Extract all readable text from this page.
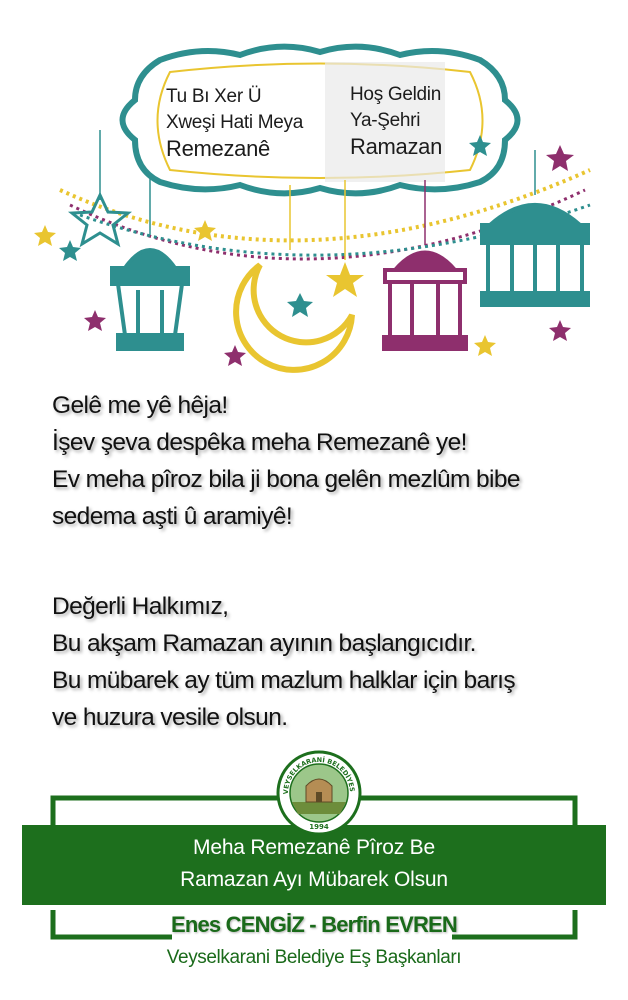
Tu Bı Xer Ü
Xweşi Hati Meya
Remezanê
Hoş Geldin
Ya-Şehri
Ramazan
Gelê me yê hêja!
İşev şeva despêka meha Remezanê ye!
Ev meha pîroz bila ji bona gelên mezlûm bibe
sedema aşti û aramiyê!
Değerli Halkımız,
Bu akşam Ramazan ayının başlangıcıdır.
Bu mübarek ay tüm mazlum halklar için barış
ve huzura vesile olsun.
Meha Remezanê Pîroz Be
Ramazan Ayı Mübarek Olsun
VEYSELKARANİ BELEDİYES
1994
Enes CENGİZ - Berfin EVREN
Veyselkarani Belediye Eş Başkanları
